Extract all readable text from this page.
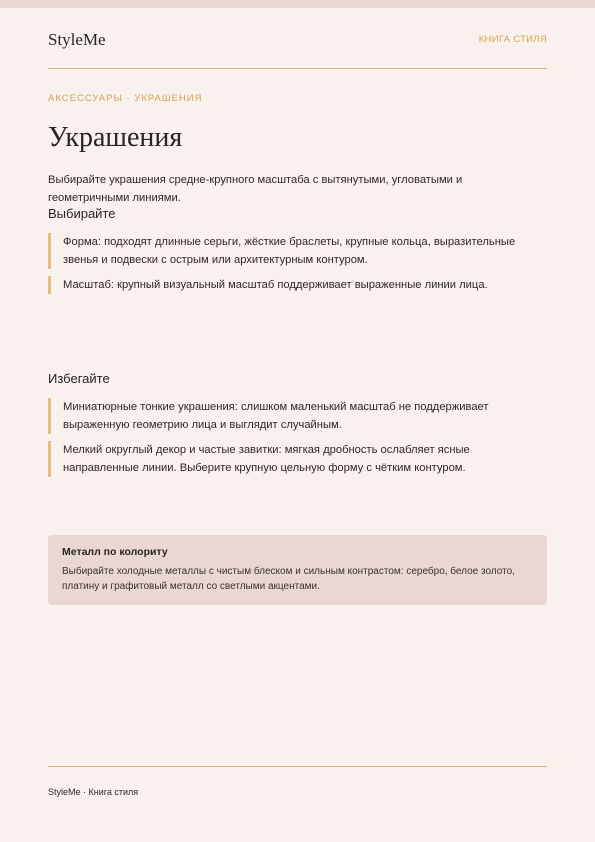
StyleMe	КНИГА СТИЛЯ
АКСЕССУАРЫ · УКРАШЕНИЯ
Украшения

Выбирайте украшения средне-крупного масштаба с вытянутыми, угловатыми и геометричными линиями.

Выбирайте
Форма: подходят длинные серьги, жёсткие браслеты, крупные кольца, выразительные звенья и подвески с острым или архитектурным контуром.
Масштаб: крупный визуальный масштаб поддерживает выраженные линии лица.
Избегайте
Миниатюрные тонкие украшения: слишком маленький масштаб не поддерживает выраженную геометрию лица и выглядит случайным.
Мелкий округлый декор и частые завитки: мягкая дробность ослабляет ясные направленные линии. Выберите крупную цельную форму с чётким контуром.

Металл по колориту

Выбирайте холодные металлы с чистым блеском и сильным контрастом: серебро, белое золото, платину и графитовый металл со светлыми акцентами.

StyleMe · Книга стиля
